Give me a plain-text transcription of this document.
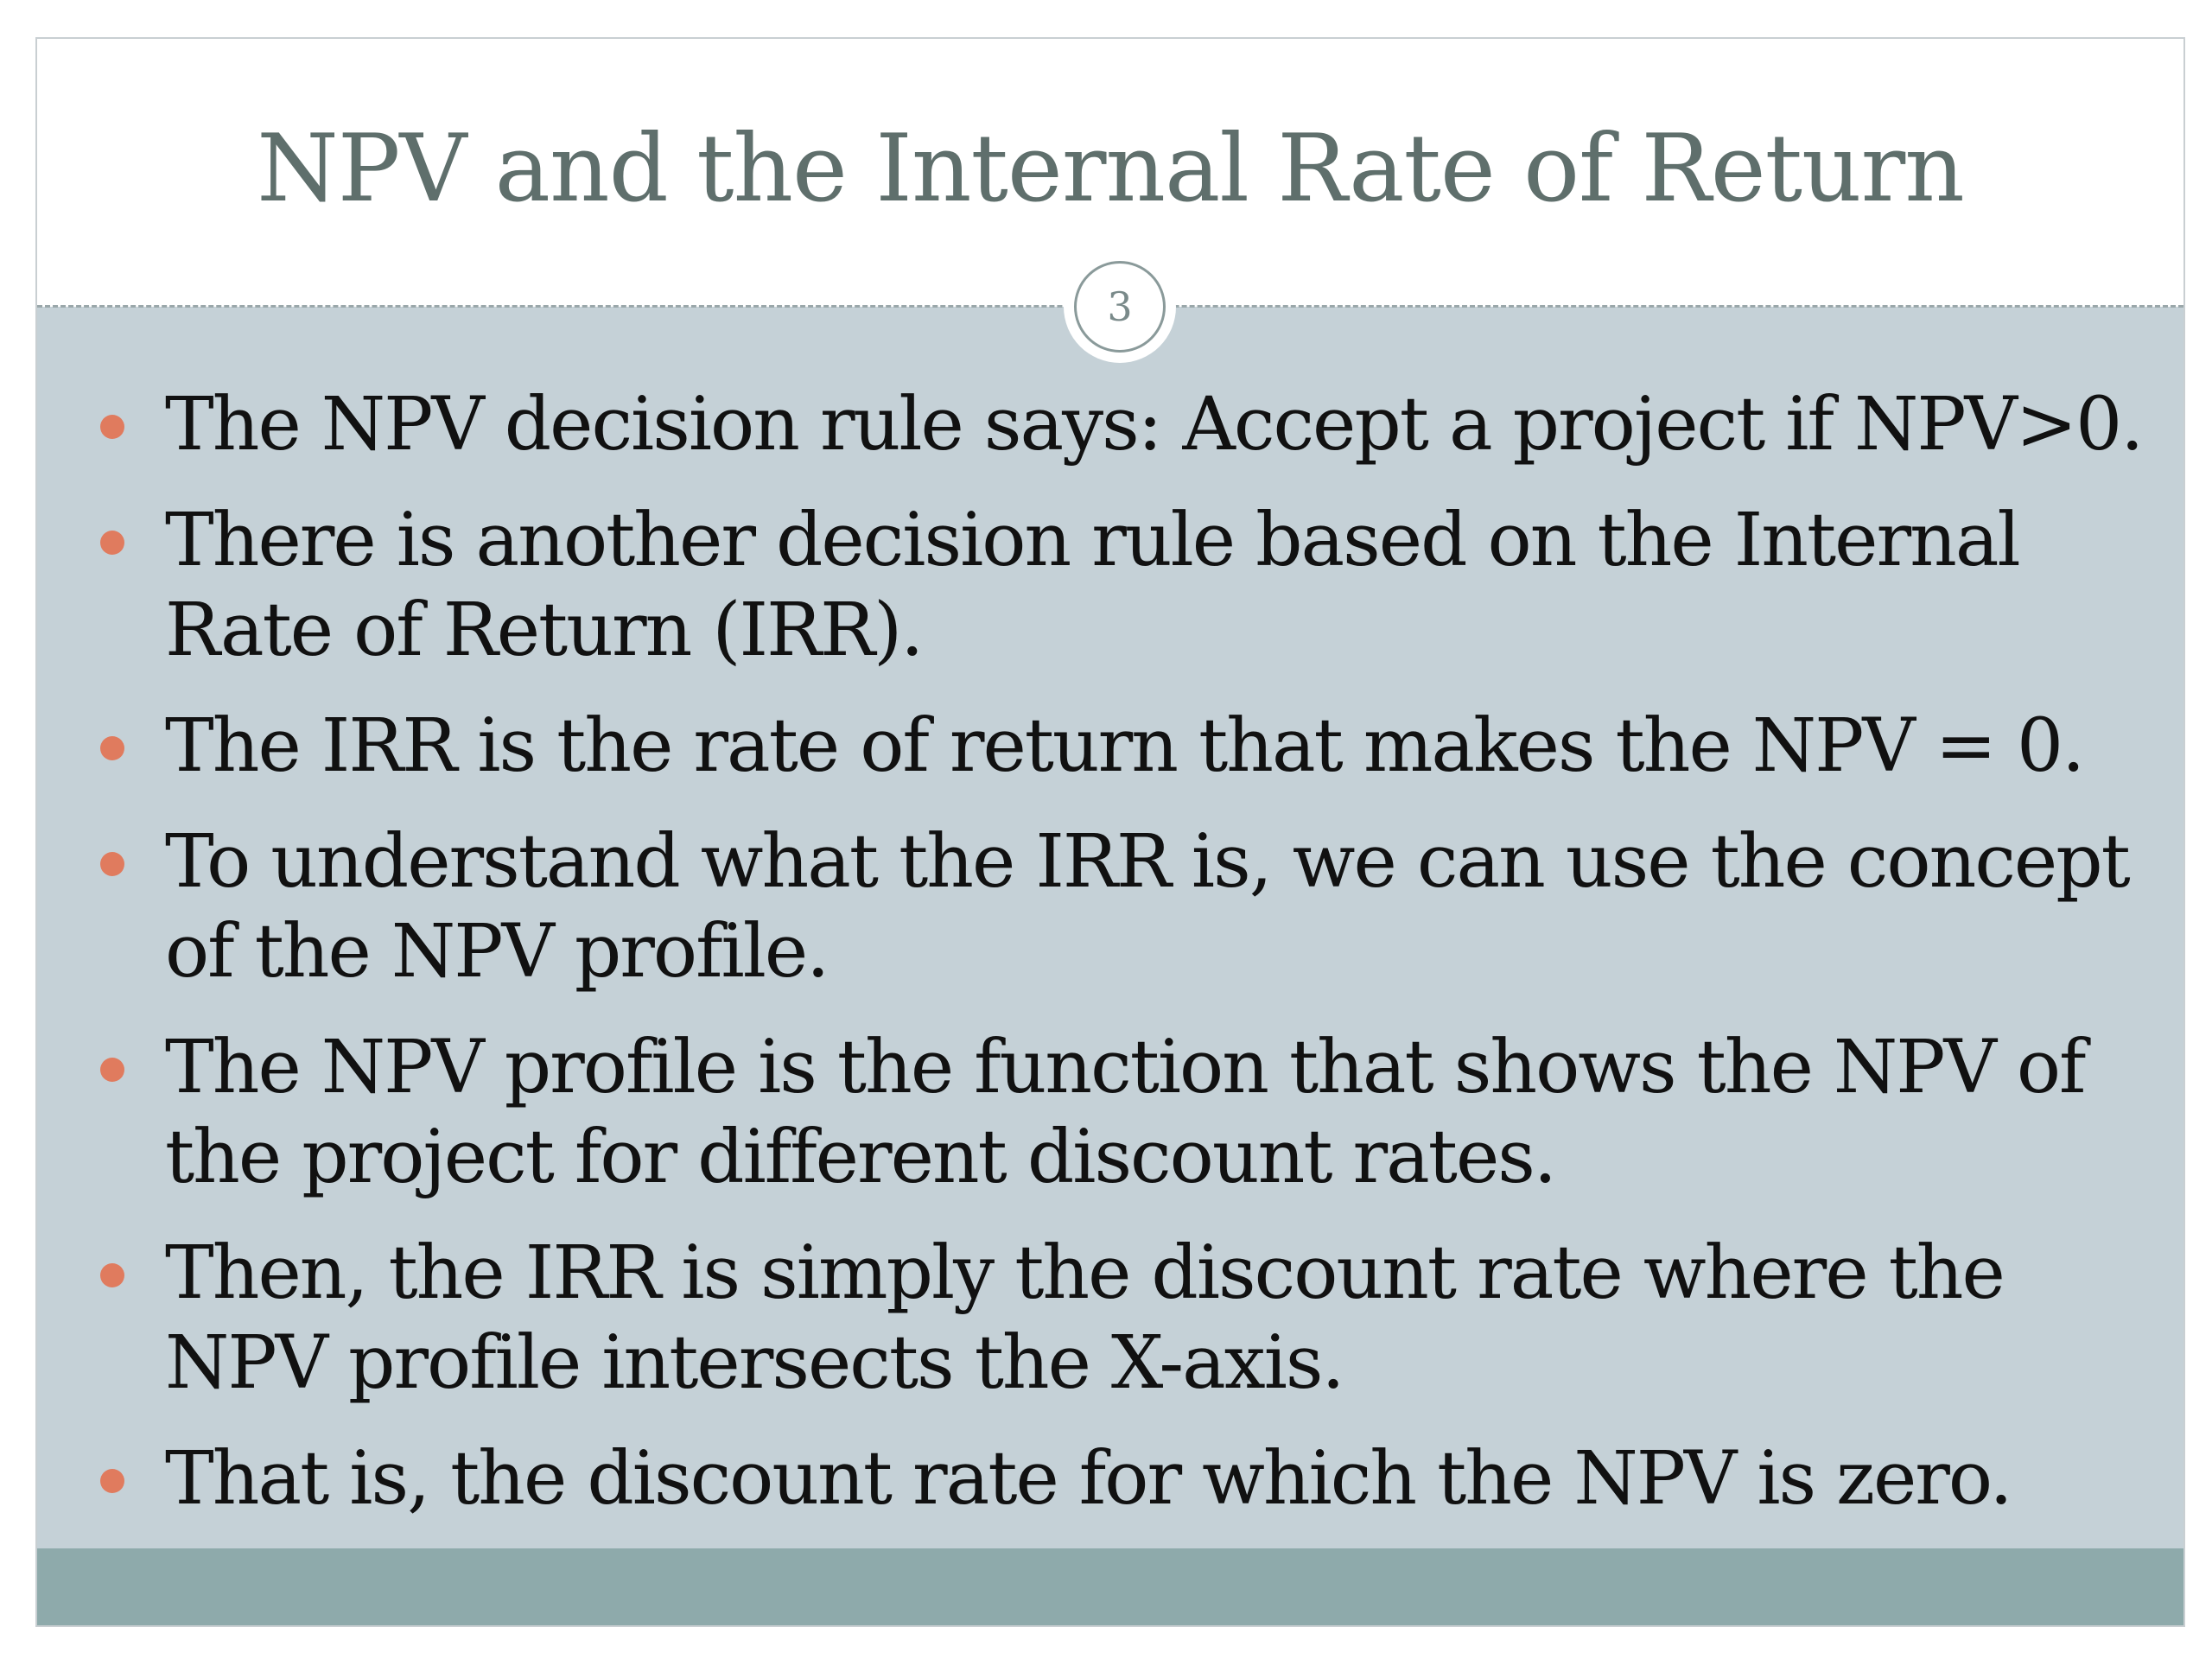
NPV and the Internal Rate of Return
3
The NPV decision rule says: Accept a project if NPV>0.
There is another decision rule based on the Internal Rate of Return (IRR).
The IRR is the rate of return that makes the NPV = 0.
To understand what the IRR is, we can use the concept of the NPV profile.
The NPV profile is the function that shows the NPV of the project for different discount rates.
Then, the IRR is simply the discount rate where the NPV profile intersects the X-axis.
That is, the discount rate for which the NPV is zero.
